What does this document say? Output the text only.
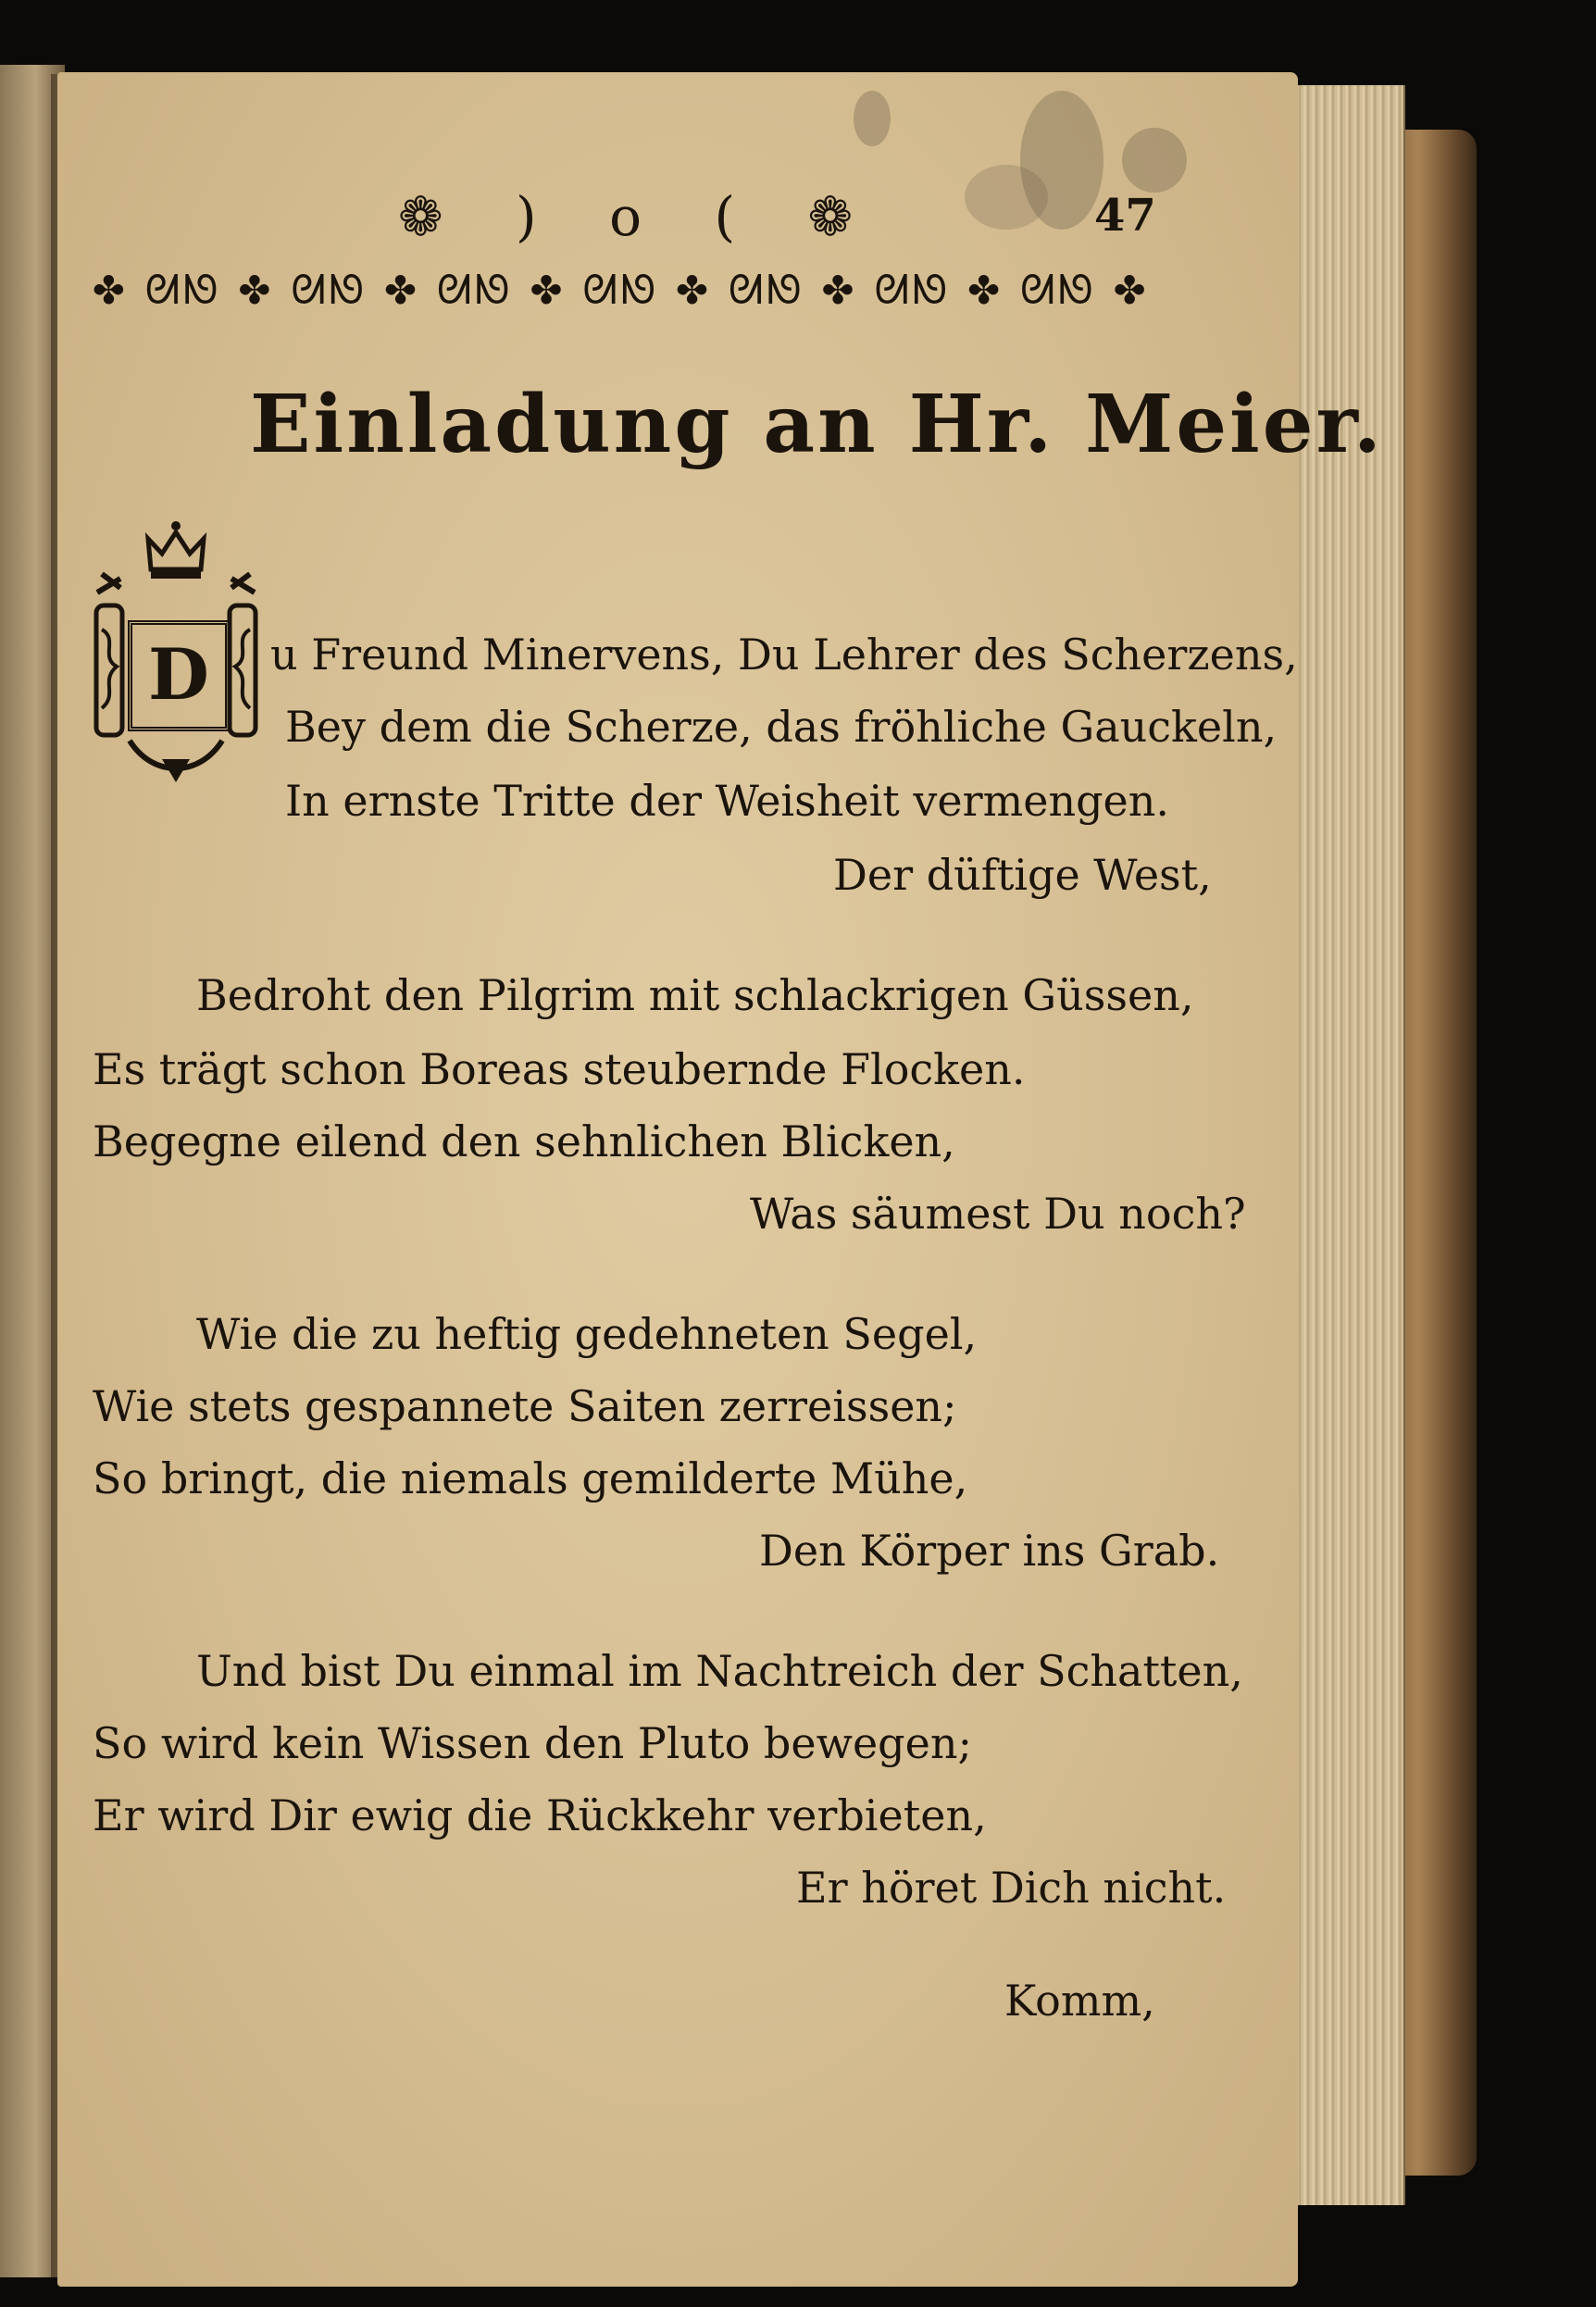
❁ ) o ( ❁	47
✤ ᘛᘚ ✤ ᘛᘚ ✤ ᘛᘚ ✤ ᘛᘚ ✤ ᘛᘚ ✤ ᘛᘚ ✤ ᘛᘚ ✤
Einladung an Hr. Meier.
D	u Freund Minervens, Du Lehrer des Scherzens,
Bey dem die Scherze, das fröhliche Gauckeln,
In ernste Tritte der Weisheit vermengen.
Der düftige West,
Bedroht den Pilgrim mit schlackrigen Güssen,
Es trägt schon Boreas steubernde Flocken.
Begegne eilend den sehnlichen Blicken,
Was säumest Du noch?
Wie die zu heftig gedehneten Segel,
Wie stets gespannete Saiten zerreissen;
So bringt, die niemals gemilderte Mühe,
Den Körper ins Grab.
Und bist Du einmal im Nachtreich der Schatten,
So wird kein Wissen den Pluto bewegen;
Er wird Dir ewig die Rückkehr verbieten,
Er höret Dich nicht.
Komm,
